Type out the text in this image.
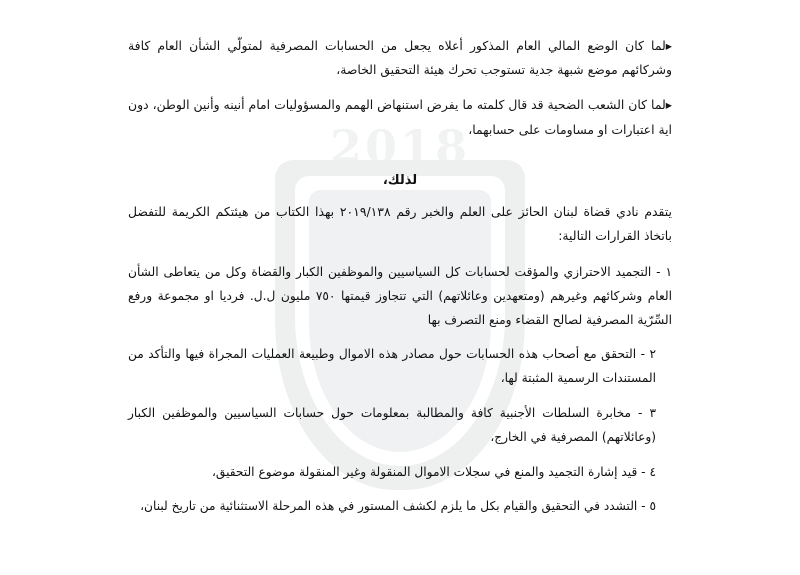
2018

▸لما كان الوضع المالي العام المذكور أعلاه يجعل من الحسابات المصرفية لمتولّي الشأن العام كافة وشركائهم موضع شبهة جدية تستوجب تحرك هيئة التحقيق الخاصة،

▸لما كان الشعب الضحية قد قال كلمته ما يفرض استنهاض الهمم والمسؤوليات امام أنينه وأنين الوطن، دون اية اعتبارات او مساومات على حسابهما،

لذلك،

يتقدم نادي قضاة لبنان الحائز على العلم والخبر رقم ٢٠١٩/١٣٨ بهذا الكتاب من هيئتكم الكريمة للتفضل باتخاذ القرارات التالية:

١ - التجميد الاحترازي والمؤقت لحسابات كل السياسيين والموظفين الكبار والقضاة وكل من يتعاطى الشأن العام وشركائهم وغيرهم (ومتعهدين وعائلاتهم) التي تتجاوز قيمتها ٧٥٠ مليون ل.ل. فرديا او مجموعة ورفع السِّرّية المصرفية لصالح القضاء ومنع التصرف بها

٢ - التحقق مع أصحاب هذه الحسابات حول مصادر هذه الاموال وطبيعة العمليات المجراة فيها والتأكد من المستندات الرسمية المثبتة لها،

٣ - مخابرة السلطات الأجنبية كافة والمطالبة بمعلومات حول حسابات السياسيين والموظفين الكبار (وعائلاتهم) المصرفية في الخارج،

٤ - قيد إشارة التجميد والمنع في سجلات الاموال المنقولة وغير المنقولة موضوع التحقيق،

٥ - التشدد في التحقيق والقيام بكل ما يلزم لكشف المستور في هذه المرحلة الاستثنائية من تاريخ لبنان،
